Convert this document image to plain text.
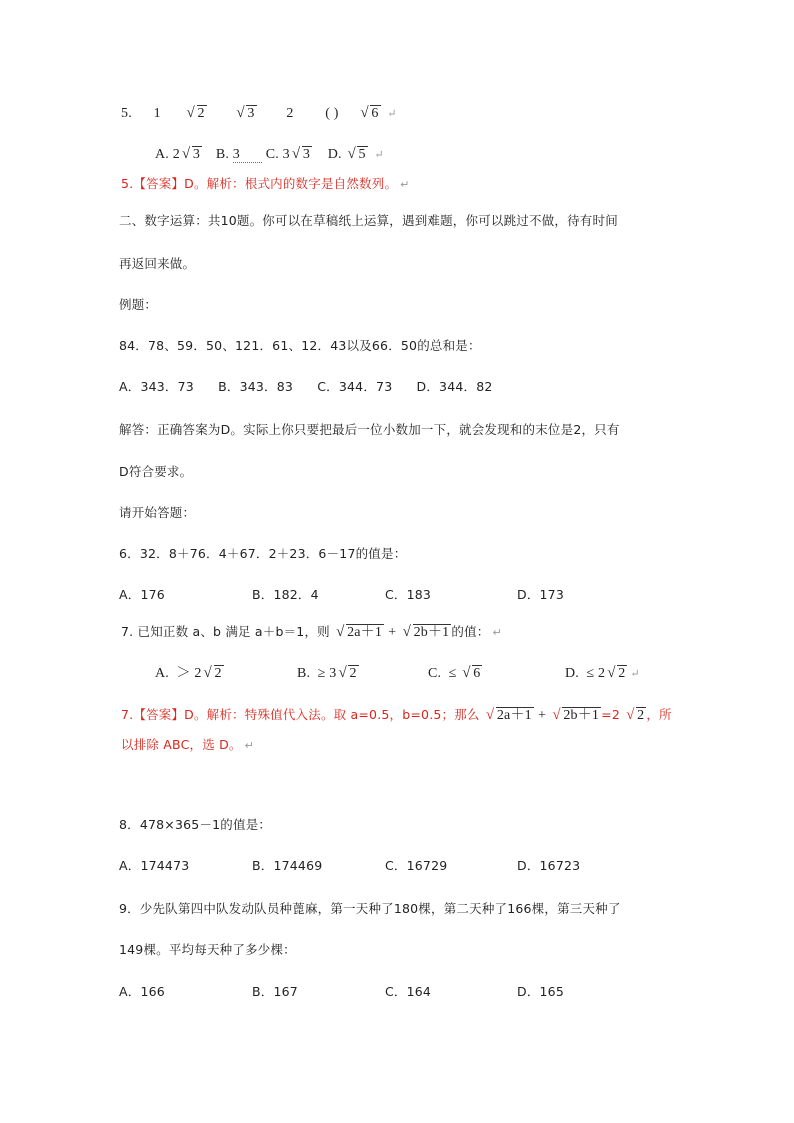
5. 1 √ 2 √ 3 2 ( ) √ 6 ↵
A. 2 √ 3 B. 3 C. 3 √ 3 D. √ 5 ↵
5.【答案】D。解析：根式内的数字是自然数列。 ↵
二、数字运算：共10题。你可以在草稿纸上运算，遇到难题，你可以跳过不做，待有时间
再返回来做。
例题：
84．78、59．50、121．61、12．43以及66．50的总和是：
A．343．73 B．343．83 C．344．73 D．344．82
解答：正确答案为D。实际上你只要把最后一位小数加一下，就会发现和的末位是2，只有
D符合要求。
请开始答题：
6．32．8＋76．4＋67．2＋23．6－17的值是：
A．176	B．182．4	C．183	D．173
7. 已知正数 a、b 满足 a＋b＝1，则 √ 2a＋1 + √ 2b＋1 的值： ↵
A. ＞ 2 √ 2	B. ≥ 3 √ 2	C. ≤ √ 6	D. ≤ 2 √ 2 ↵
7.【答案】D。解析：特殊值代入法。取 a=0.5，b=0.5；那么 √ 2a＋1 + √ 2b＋1 =2 √ 2 ，所
以排除 ABC，选 D。 ↵
8．478×365－1的值是：
A．174473	B．174469	C．16729	D．16723
9．少先队第四中队发动队员种蓖麻，第一天种了180棵，第二天种了166棵，第三天种了
149棵。平均每天种了多少棵：
A．166	B．167	C．164	D．165
